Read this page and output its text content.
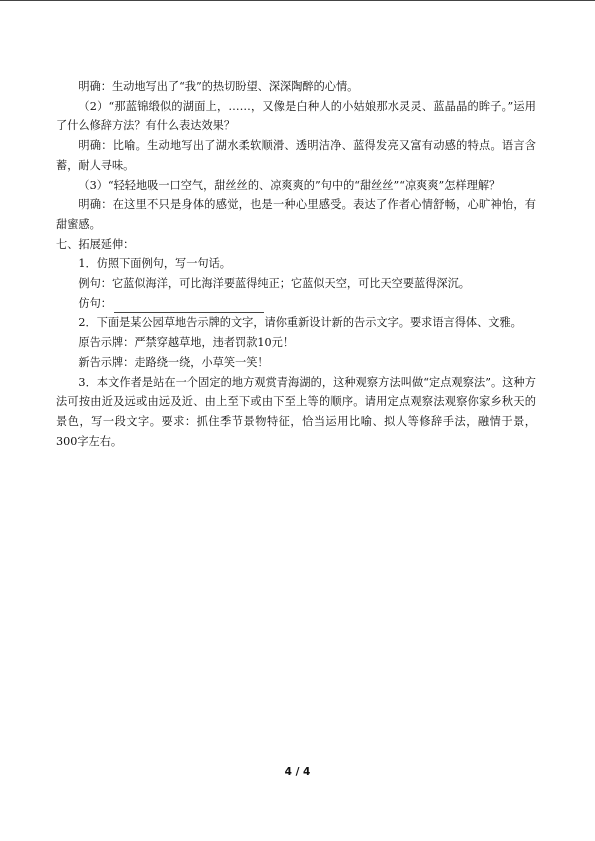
明确：生动地写出了“我”的热切盼望、深深陶醉的心情。

（2）“那蓝锦缎似的湖面上，……，又像是白种人的小姑娘那水灵灵、蓝晶晶的眸子。”运用了什么修辞方法？有什么表达效果？

明确：比喻。生动地写出了湖水柔软顺滑、透明洁净、蓝得发亮又富有动感的特点。语言含蓄，耐人寻味。

（3）“轻轻地吸一口空气，甜丝丝的、凉爽爽的”句中的“甜丝丝”“凉爽爽”怎样理解？

明确：在这里不只是身体的感觉，也是一种心里感受。表达了作者心情舒畅，心旷神怡，有甜蜜感。

七、拓展延伸：

1．仿照下面例句，写一句话。

例句：它蓝似海洋，可比海洋要蓝得纯正；它蓝似天空，可比天空要蓝得深沉。

仿句：

2．下面是某公园草地告示牌的文字，请你重新设计新的告示文字。要求语言得体、文雅。

原告示牌：严禁穿越草地，违者罚款10元！

新告示牌：走路绕一绕，小草笑一笑！

3．本文作者是站在一个固定的地方观赏青海湖的，这种观察方法叫做“定点观察法”。这种方法可按由近及远或由远及近、由上至下或由下至上等的顺序。请用定点观察法观察你家乡秋天的景色，写一段文字。要求：抓住季节景物特征，恰当运用比喻、拟人等修辞手法，融情于景，300字左右。

4 / 4
